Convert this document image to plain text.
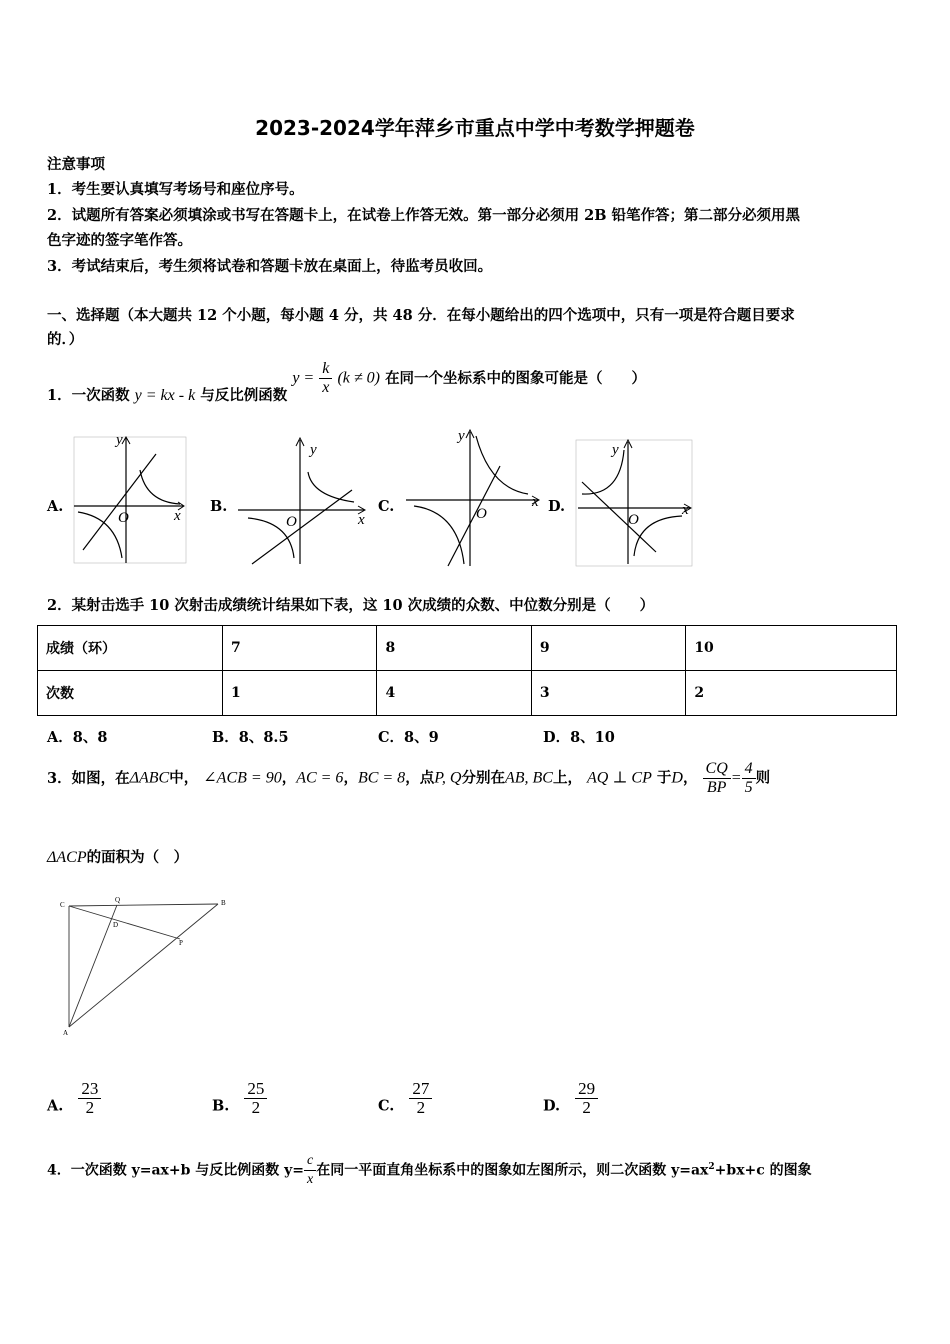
2023-2024学年萍乡市重点中学中考数学押题卷
注意事项
1．考生要认真填写考场号和座位序号。
2．试题所有答案必须填涂或书写在答题卡上，在试卷上作答无效。第一部分必须用 2B 铅笔作答；第二部分必须用黑
色字迹的签字笔作答。
3．考试结束后，考生须将试卷和答题卡放在桌面上，待监考员收回。
一、选择题（本大题共 12 个小题，每小题 4 分，共 48 分．在每小题给出的四个选项中，只有一项是符合题目要求
的．）
1．一次函数 y = kx - k 与反比例函数 $y = \frac{k}{x} (k \ne 0)$ 在同一个坐标系中的图象可能是（　　）
A.
y
x
O
B.
y
x
O
C.
y
x
O	D.
y
x
O
2．某射击选手 10 次射击成绩统计结果如下表，这 10 次成绩的众数、中位数分别是（　　）
成绩（环）	7	8	9	10
次数	1	4	3	2
A．8、8	B．8、8.5	C．8、9	D．8、10
3．如图，在ΔABC中， ∠ACB = 90，AC = 6，BC = 8，点P, Q分别在AB, BC上， AQ ⊥ CP 于D， $\frac{CQ}{BP} = \frac{4}{5}$ 则
ΔACP的面积为（　）
C
Q	B
D
P
A
A. $\frac{23}{2}$	B. $\frac{25}{2}$	C. $\frac{27}{2}$	D. $\frac{29}{2}$
4．一次函数 y=ax+b 与反比例函数 $y= \frac{c}{x}$ 在同一平面直角坐标系中的图象如左图所示，则二次函数 $y=ax^2+bx+c$ 的图象
